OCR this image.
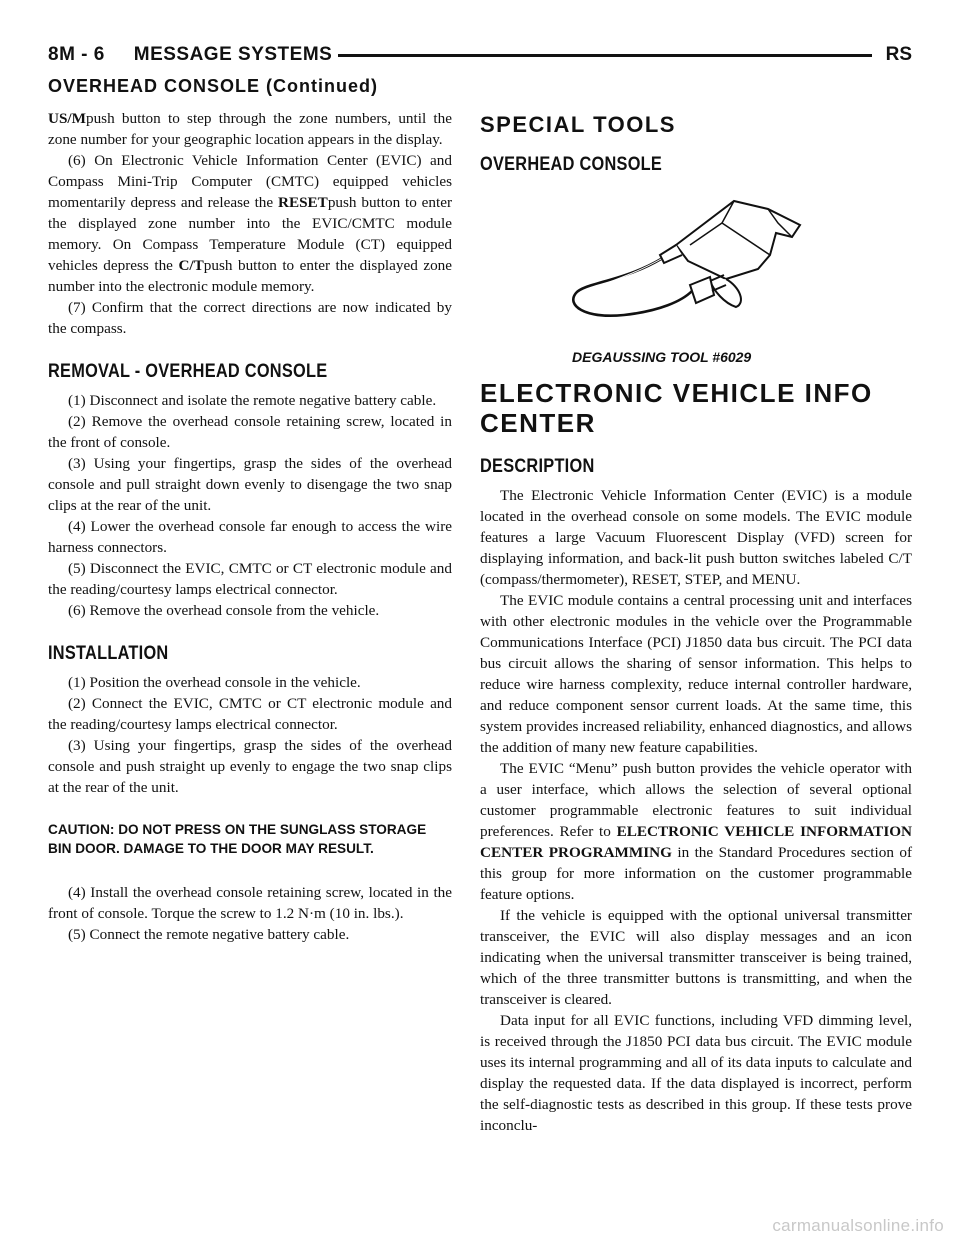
8M - 6     MESSAGE SYSTEMS	RS
OVERHEAD CONSOLE (Continued)

US/Mpush button to step through the zone numbers, until the zone number for your geographic location appears in the display.

(6) On Electronic Vehicle Information Center (EVIC) and Compass Mini-Trip Computer (CMTC) equipped vehicles momentarily depress and release the RESETpush button to enter the displayed zone number into the EVIC/CMTC module memory. On Compass Temperature Module (CT) equipped vehicles depress the C/Tpush button to enter the displayed zone number into the electronic module memory.

(7) Confirm that the correct directions are now indicated by the compass.

REMOVAL - OVERHEAD CONSOLE

(1) Disconnect and isolate the remote negative battery cable.

(2) Remove the overhead console retaining screw, located in the front of console.

(3) Using your fingertips, grasp the sides of the overhead console and pull straight down evenly to disengage the two snap clips at the rear of the unit.

(4) Lower the overhead console far enough to access the wire harness connectors.

(5) Disconnect the EVIC, CMTC or CT electronic module and the reading/courtesy lamps electrical connector.

(6) Remove the overhead console from the vehicle.

INSTALLATION

(1) Position the overhead console in the vehicle.

(2) Connect the EVIC, CMTC or CT electronic module and the reading/courtesy lamps electrical connector.

(3) Using your fingertips, grasp the sides of the overhead console and push straight up evenly to engage the two snap clips at the rear of the unit.

CAUTION: DO NOT PRESS ON THE SUNGLASS STORAGE BIN DOOR. DAMAGE TO THE DOOR MAY RESULT.

(4) Install the overhead console retaining screw, located in the front of console. Torque the screw to 1.2 N·m (10 in. lbs.).

(5) Connect the remote negative battery cable.

SPECIAL TOOLS
OVERHEAD CONSOLE
DEGAUSSING TOOL #6029
ELECTRONIC VEHICLE INFO CENTER
DESCRIPTION

The Electronic Vehicle Information Center (EVIC) is a module located in the overhead console on some models. The EVIC module features a large Vacuum Fluorescent Display (VFD) screen for displaying information, and back-lit push button switches labeled C/T (compass/thermometer), RESET, STEP, and MENU.

The EVIC module contains a central processing unit and interfaces with other electronic modules in the vehicle over the Programmable Communications Interface (PCI) J1850 data bus circuit. The PCI data bus circuit allows the sharing of sensor information. This helps to reduce wire harness complexity, reduce internal controller hardware, and reduce component sensor current loads. At the same time, this system provides increased reliability, enhanced diagnostics, and allows the addition of many new feature capabilities.

The EVIC “Menu” push button provides the vehicle operator with a user interface, which allows the selection of several optional customer programmable electronic features to suit individual preferences. Refer to ELECTRONIC VEHICLE INFORMATION CENTER PROGRAMMING in the Standard Procedures section of this group for more information on the customer programmable feature options.

If the vehicle is equipped with the optional universal transmitter transceiver, the EVIC will also display messages and an icon indicating when the universal transmitter transceiver is being trained, which of the three transmitter buttons is transmitting, and when the transceiver is cleared.

Data input for all EVIC functions, including VFD dimming level, is received through the J1850 PCI data bus circuit. The EVIC module uses its internal programming and all of its data inputs to calculate and display the requested data. If the data displayed is incorrect, perform the self-diagnostic tests as described in this group. If these tests prove inconclu-

carmanualsonline.info
